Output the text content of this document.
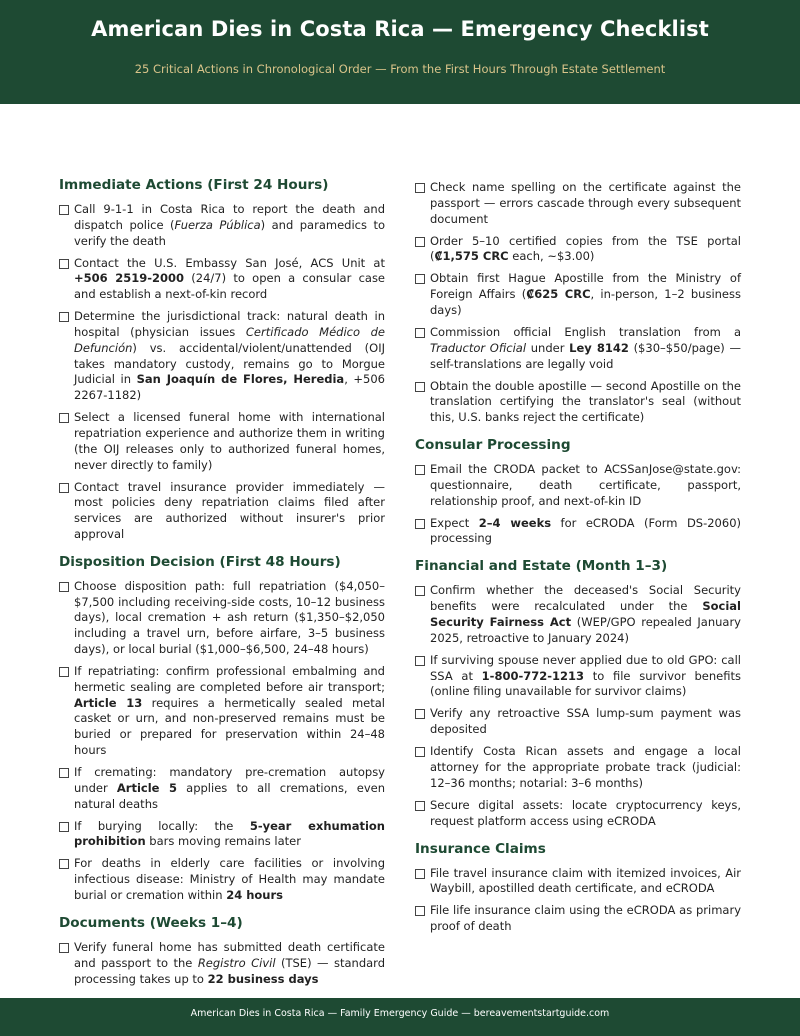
American Dies in Costa Rica — Emergency Checklist
25 Critical Actions in Chronological Order — From the First Hours Through Estate Settlement
Immediate Actions (First 24 Hours)
Call 9-1-1 in Costa Rica to report the death and dispatch police (Fuerza Pública) and paramedics to verify the death
Contact the U.S. Embassy San José, ACS Unit at +506 2519-2000 (24/7) to open a consular case and establish a next-of-kin record
Determine the jurisdictional track: natural death in hospital (physician issues Certificado Médico de Defunción) vs. accidental/violent/unattended (OIJ takes mandatory custody, remains go to Morgue Judicial in San Joaquín de Flores, Heredia, +506 2267-1182)
Select a licensed funeral home with international repatriation experience and authorize them in writing (the OIJ releases only to authorized funeral homes, never directly to family)
Contact travel insurance provider immediately — most policies deny repatriation claims filed after services are authorized without insurer's prior approval
Disposition Decision (First 48 Hours)
Choose disposition path: full repatriation ($4,050–$7,500 including receiving-side costs, 10–12 business days), local cremation + ash return ($1,350–$2,050 including a travel urn, before airfare, 3–5 business days), or local burial ($1,000–$6,500, 24–48 hours)
If repatriating: confirm professional embalming and hermetic sealing are completed before air transport; Article 13 requires a hermetically sealed metal casket or urn, and non-preserved remains must be buried or prepared for preservation within 24–48 hours
If cremating: mandatory pre-cremation autopsy under Article 5 applies to all cremations, even natural deaths
If burying locally: the 5-year exhumation prohibition bars moving remains later
For deaths in elderly care facilities or involving infectious disease: Ministry of Health may mandate burial or cremation within 24 hours
Documents (Weeks 1–4)
Verify funeral home has submitted death certificate and passport to the Registro Civil (TSE) — standard processing takes up to 22 business days
Check name spelling on the certificate against the passport — errors cascade through every subsequent document
Order 5–10 certified copies from the TSE portal (₡1,575 CRC each, ~$3.00)
Obtain first Hague Apostille from the Ministry of Foreign Affairs (₡625 CRC, in-person, 1–2 business days)
Commission official English translation from a Traductor Oficial under Ley 8142 ($30–$50/page) — self-translations are legally void
Obtain the double apostille — second Apostille on the translation certifying the translator's seal (without this, U.S. banks reject the certificate)
Consular Processing
Email the CRODA packet to ACSSanJose@state.gov: questionnaire, death certificate, passport, relationship proof, and next-of-kin ID
Expect 2–4 weeks for eCRODA (Form DS-2060) processing
Financial and Estate (Month 1–3)
Confirm whether the deceased's Social Security benefits were recalculated under the Social Security Fairness Act (WEP/GPO repealed January 2025, retroactive to January 2024)
If surviving spouse never applied due to old GPO: call SSA at 1-800-772-1213 to file survivor benefits (online filing unavailable for survivor claims)
Verify any retroactive SSA lump-sum payment was deposited
Identify Costa Rican assets and engage a local attorney for the appropriate probate track (judicial: 12–36 months; notarial: 3–6 months)
Secure digital assets: locate cryptocurrency keys, request platform access using eCRODA
Insurance Claims
File travel insurance claim with itemized invoices, Air Waybill, apostilled death certificate, and eCRODA
File life insurance claim using the eCRODA as primary proof of death
American Dies in Costa Rica — Family Emergency Guide — bereavementstartguide.com
